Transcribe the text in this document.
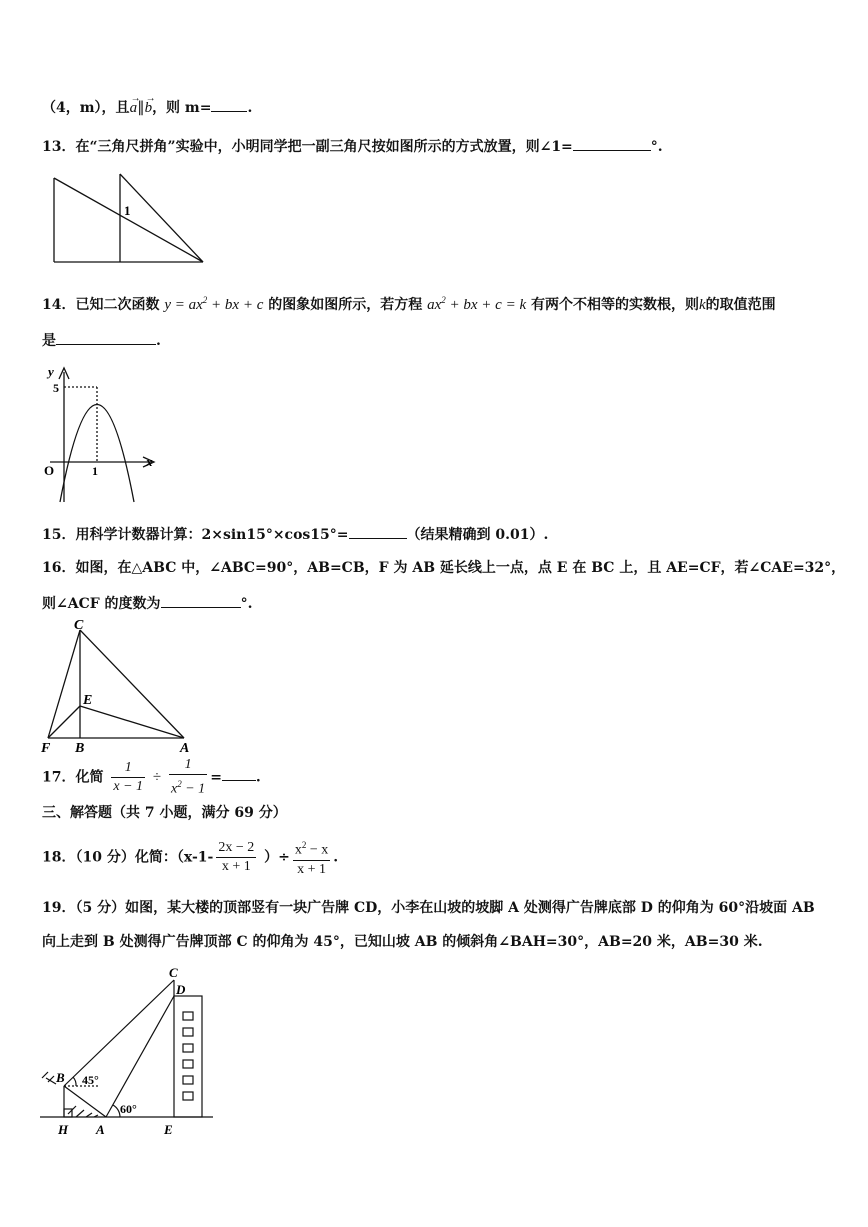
（4，m），且
→
a∥
→
b，则 m=	.
13．在“三角尺拼角”实验中，小明同学把一副三角尺按如图所示的方式放置，则∠1=	°.
1
14．已知二次函数 $y = ax^2$ + bx + c 的图象如图所示，若方程 $ax^2$ + bx + c = k 有两个不相等的实数根，则k的取值范围
是	.
y
x
O
5
1
15．用科学计数器计算：2×sin15°×cos15°=	（结果精确到 0.01）.
16．如图，在△ABC 中，∠ABC=90°，AB=CB，F 为 AB 延长线上一点，点 E 在 BC 上，且 AE=CF，若∠CAE=32°，
则∠ACF 的度数为	°.
C
E
F B	A
17．化简 $\frac{1}{x - 1} \div \frac{1}{x^2 - 1}$ = .
三、解答题（共 7 小题，满分 69 分）
18．（10 分）化简：（$x-1- \frac{2x - 2}{x + 1}$ ）÷ $\frac{x^2 - x}{x + 1}$ .
19．（5 分）如图，某大楼的顶部竖有一块广告牌 CD，小李在山坡的坡脚 A 处测得广告牌底部 D 的仰角为 60°沿坡面 AB
向上走到 B 处测得广告牌顶部 C 的仰角为 45°，已知山坡 AB 的倾斜角∠BAH=30°，AB=20 米，AB=30 米.
C
D
B 45°
60°
H A	E
